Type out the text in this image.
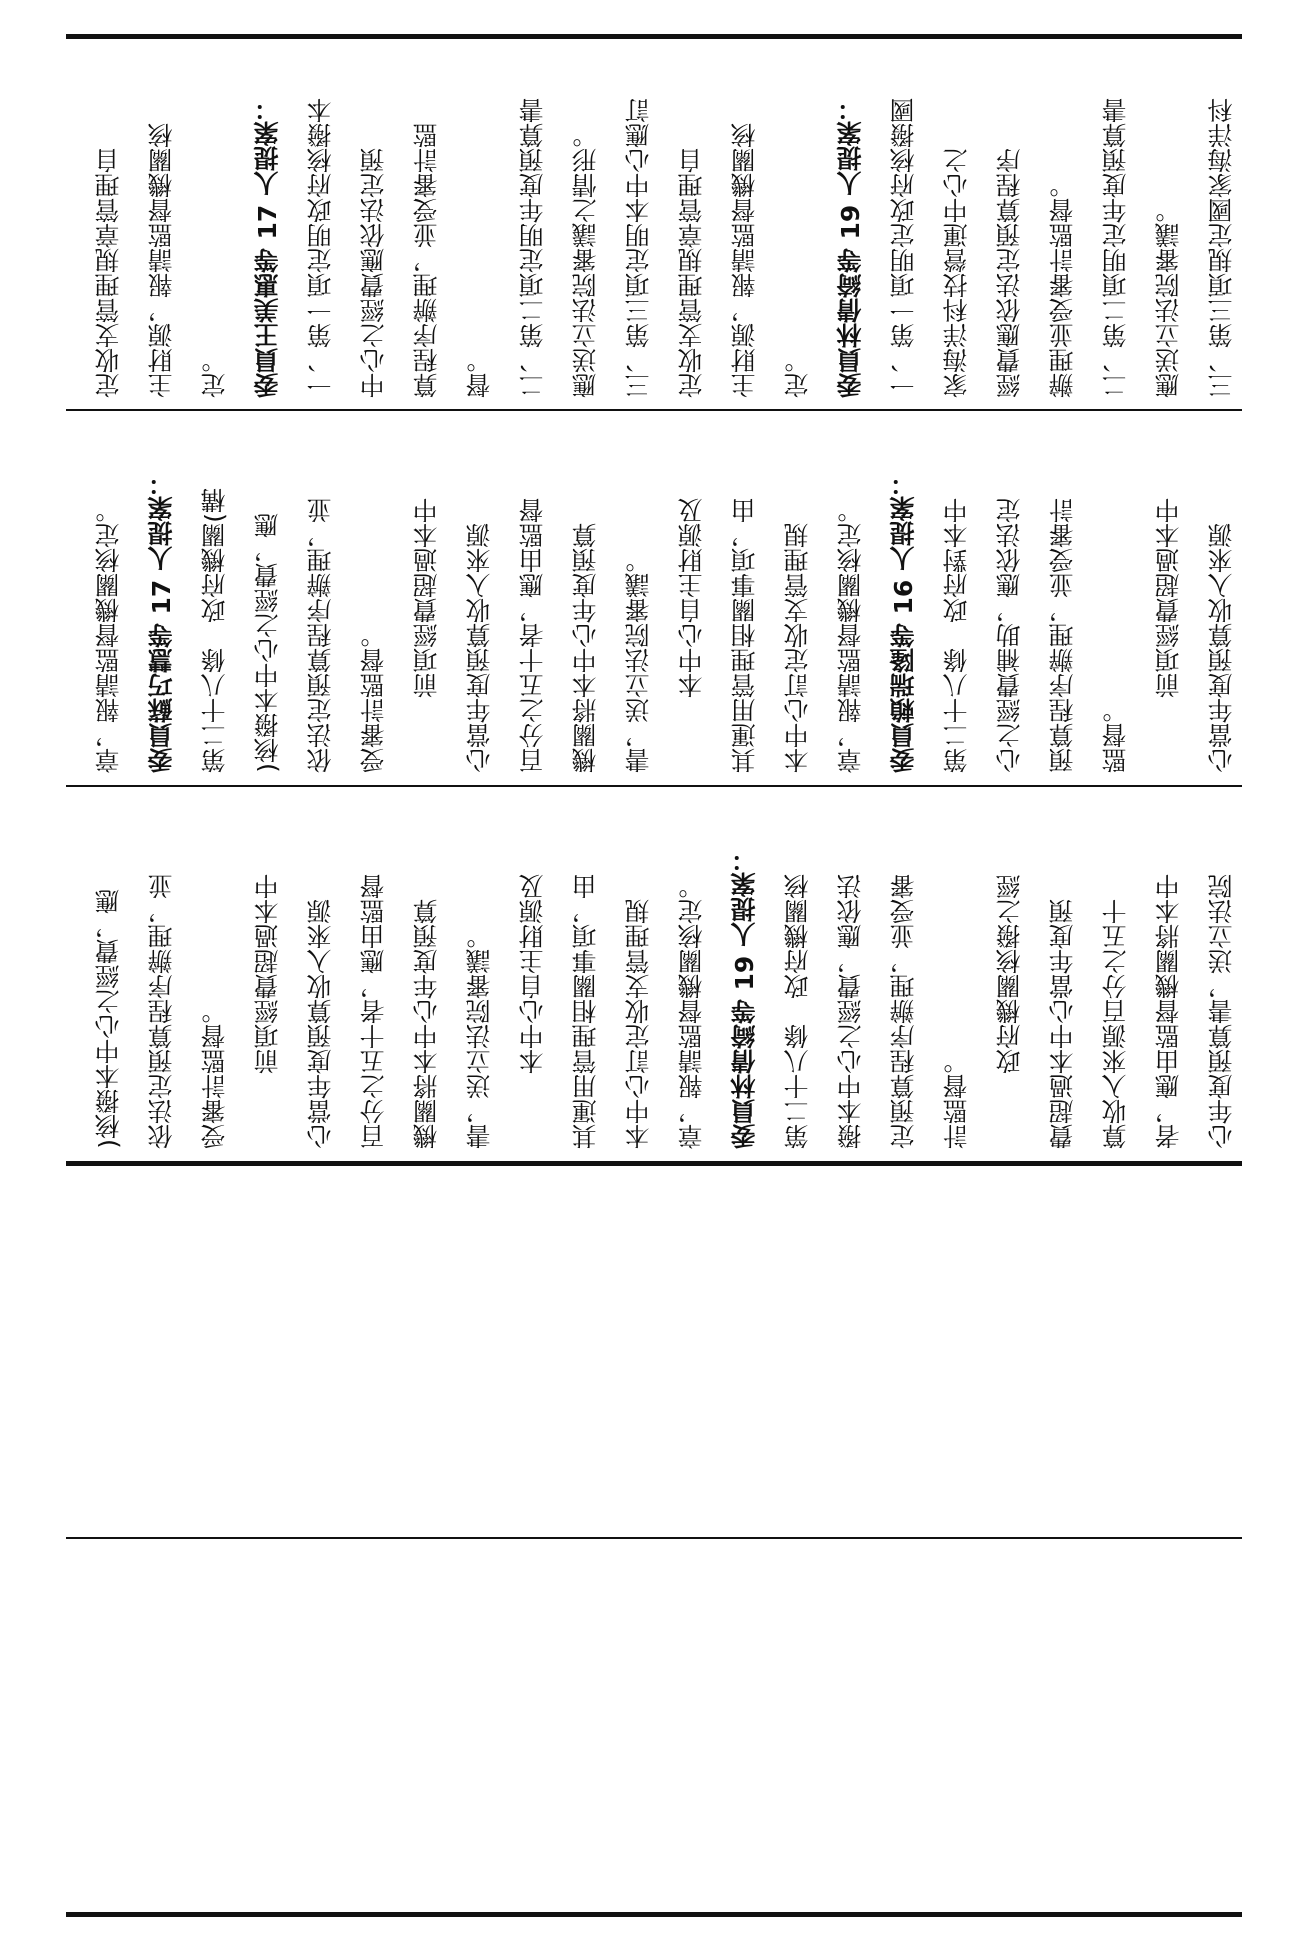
定收支管理規章管理自 主財源，報請監督機關核 定。 委員王美惠等 17 人提案： 一、第一項定明政府核撥本 中心之經費應依法定預 算程序辦理，並受審計監 督。 二、第二項定明年度預算書 應送立法院審議之情形。 三、第三項定明本中心應訂 定收支管理規章管理自 主財源，報請監督機關核 定。 委員林倩綺等 19 人提案： 一、第一項明定政府核撥國 家海洋科技營運中心之 經費應依法定預算程序 辦理並受審計監督。 二、第二項明定年度預算書 應送立法院審議。 三、第三項規定國家海洋科
章，報請監督機關核定。 委員蘇巧慧等 17 人提案： 第二十八條　政府機關(構 )核撥本中心之經費，應 依法定預算程序辦理，並 受審計監督。 前項經費超過本中 心當年度預算收入來源 百分之五十者，應由監督 機關將本中心年度預算 書，送立法院審議。 本中心自主財源及 其運用管理相關事項，由 本中心訂定收支管理規 章，報請監督機關核定。 委員賴瑞隆等 16 人提案： 第二十八條　政府對本中 心之經費補助，應依法定 預算程序辦理，並受審計 監督。
前項經費超過本中 心當年度預算收入來源
)核撥本中心之經費，應 依法定預算程序辦理，並 受審計監督。 前項經費超過本中 心當年度預算收入來源 百分之五十者，應由監督 機關將本中心年度預算 書，送立法院審議。 本中心自主財源及 其運用管理相關事項，由 本中心訂定收支管理規 章，報請監督機關核定。 委員林倩綺等 19 人提案： 第二十八條　政府機關核 撥本中心之經費，應依法 定預算程序辦理，並受審 計監督。
政府機關核撥之經 費超過本中心當年度預 算收入來源百分之五十 者，應由監督機關將本中 心年度預算書，送立法院
